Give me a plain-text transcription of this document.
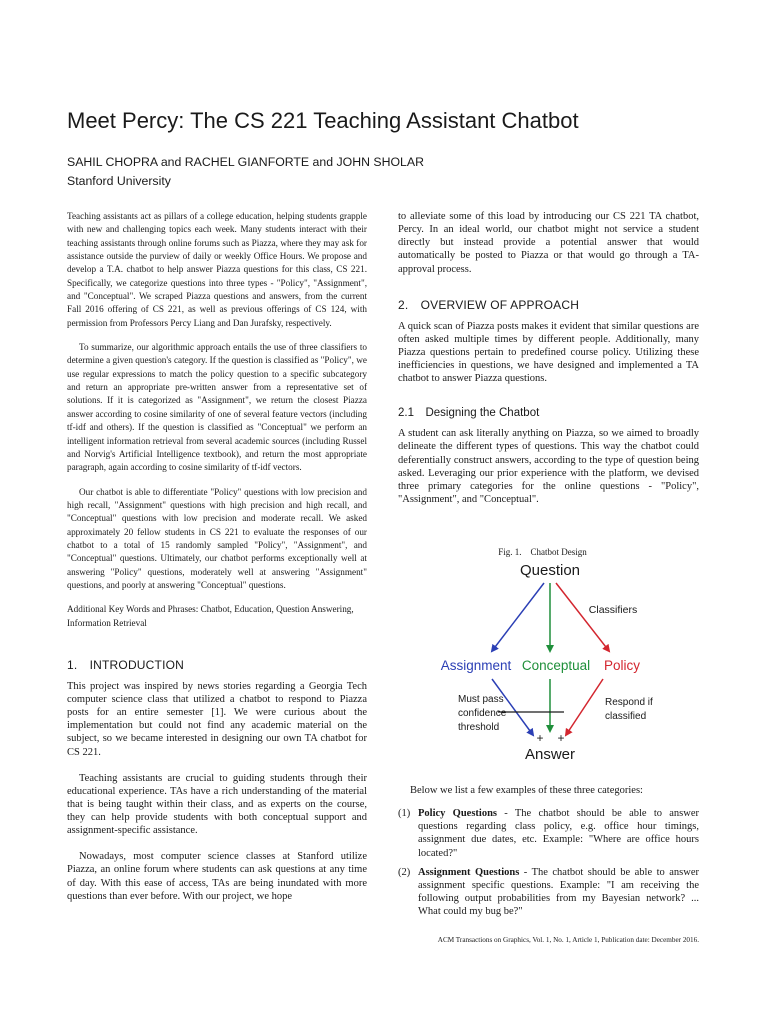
Meet Percy: The CS 221 Teaching Assistant Chatbot
SAHIL CHOPRA and RACHEL GIANFORTE and JOHN SHOLAR
Stanford University

Teaching assistants act as pillars of a college education, helping students grapple with new and challenging topics each week. Many students interact with their teaching assistants through online forums such as Piazza, where they may ask for assistance outside the purview of daily or weekly Office Hours. We propose and develop a T.A. chatbot to help answer Piazza questions for this class, CS 221. Specifically, we categorize questions into three types - "Policy", "Assignment", and "Conceptual". We scraped Piazza questions and answers, from the current Fall 2016 offering of CS 221, as well as previous offerings of CS 124, with permission from Professors Percy Liang and Dan Jurafsky, respectively.

To summarize, our algorithmic approach entails the use of three classifiers to determine a given question's category. If the question is classified as "Policy", we use regular expressions to match the policy question to a specific subcategory and return an appropriate pre-written answer from a representative set of solutions. If it is categorized as "Assignment", we return the closest Piazza answer according to cosine similarity of one of several feature vectors (including tf-idf and others). If the question is classified as "Conceptual" we perform an intelligent information retrieval from several academic sources (including Russel and Norvig's Artificial Intelligence textbook), and return the most appropriate paragraph, again according to cosine similarity of tf-idf vectors.

Our chatbot is able to differentiate "Policy" questions with low precision and high recall, "Assignment" questions with high precision and high recall, and "Conceptual" questions with low precision and moderate recall. We asked approximately 20 fellow students in CS 221 to evaluate the responses of our chatbot to a total of 15 randomly sampled "Policy", "Assignment", and "Conceptual" questions. Ultimately, our chatbot performs exceptionally well at answering "Policy" questions, moderately well at answering "Assignment" questions, and poorly at answering "Conceptual" questions.

Additional Key Words and Phrases: Chatbot, Education, Question Answering, Information Retrieval
1. INTRODUCTION

This project was inspired by news stories regarding a Georgia Tech computer science class that utilized a chatbot to respond to Piazza posts for an entire semester [1]. We were curious about the implementation but could not find any academic material on the subject, so we became interested in designing our own TA chatbot for CS 221.

Teaching assistants are crucial to guiding students through their educational experience. TAs have a rich understanding of the material that is being taught within their class, and as experts on the course, they can help provide students with both conceptual support and assignment-specific assistance.

Nowadays, most computer science classes at Stanford utilize Piazza, an online forum where students can ask questions at any time of day. With this ease of access, TAs are being inundated with more questions than ever before. With our project, we hope

to alleviate some of this load by introducing our CS 221 TA chatbot, Percy. In an ideal world, our chatbot might not service a student directly but instead provide a potential answer that would automatically be posted to Piazza or that would go through a TA-approval process.

2. OVERVIEW OF APPROACH

A quick scan of Piazza posts makes it evident that similar questions are often asked multiple times by different people. Additionally, many Piazza questions pertain to predefined course policy. Utilizing these inefficiencies in questions, we have designed and implemented a TA chatbot to answer Piazza questions.

2.1 Designing the Chatbot

A student can ask literally anything on Piazza, so we aimed to broadly delineate the different types of questions. This way the chatbot could deferentially construct answers, according to the type of question being asked. Leveraging our prior experience with the platform, we devised three primary categories for the online questions - "Policy", "Assignment", and "Conceptual".

Fig. 1. Chatbot Design
Question
Classifiers
Assignment Conceptual Policy
Must pass
confidence
threshold
Respond if
classified
+ +
Answer

Below we list a few examples of these three categories:

(1) Policy Questions - The chatbot should be able to answer questions regarding class policy, e.g. office hour timings, assignment due dates, etc. Example: "Where are office hours located?"
(2) Assignment Questions - The chatbot should be able to answer assignment specific questions. Example: "I am receiving the following output probabilities from my Bayesian network? ... What could my bug be?"
ACM Transactions on Graphics, Vol. 1, No. 1, Article 1, Publication date: December 2016.
